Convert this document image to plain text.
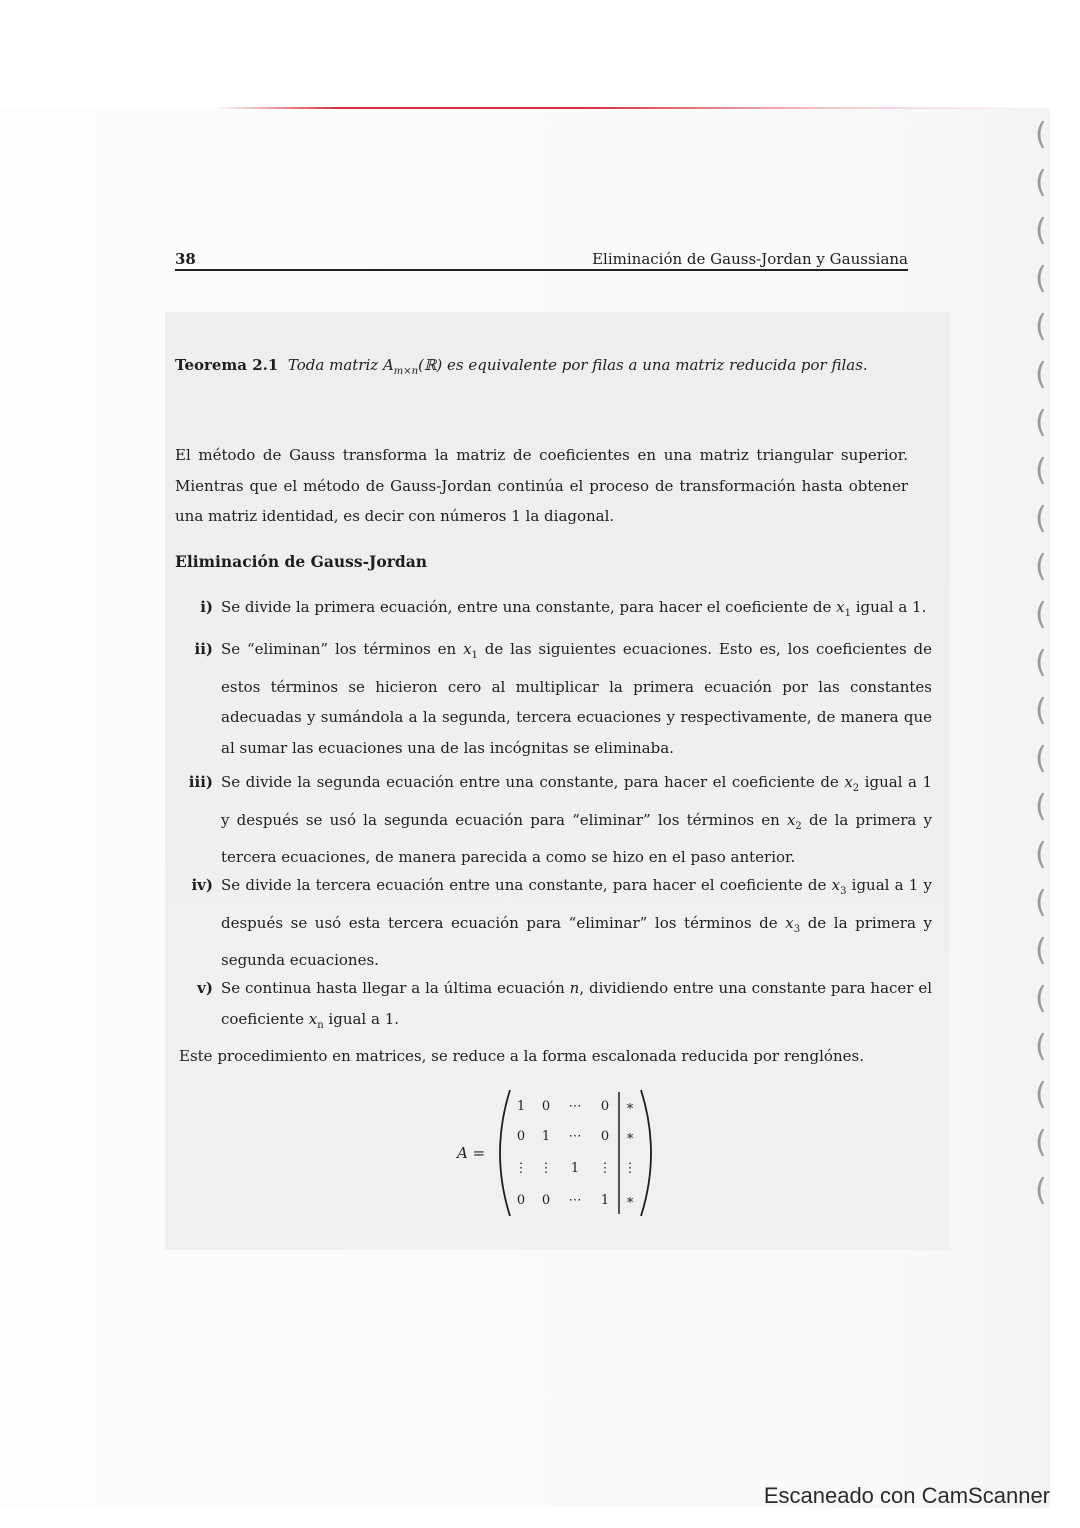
38	Eliminación de Gauss-Jordan y Gaussiana
Teorema 2.1 Toda matriz $A_{m\times n}(ℝ)$ es equivalente por filas a una matriz reducida por filas.
El método de Gauss transforma la matriz de coeficientes en una matriz triangular superior. Mientras que el método de Gauss-Jordan continúa el proceso de transformación hasta obtener una matriz identidad, es decir con números 1 la diagonal.
Eliminación de Gauss-Jordan
i) Se divide la primera ecuación, entre una constante, para hacer el coeficiente de $x_1$ igual a 1.
ii) Se “eliminan” los términos en $x_1$ de las siguientes ecuaciones. Esto es, los coeficientes de estos términos se hicieron cero al multiplicar la primera ecuación por las constantes adecuadas y sumándola a la segunda, tercera ecuaciones y respectivamente, de manera que al sumar las ecuaciones una de las incógnitas se eliminaba.
iii) Se divide la segunda ecuación entre una constante, para hacer el coeficiente de $x_2$ igual a 1 y después se usó la segunda ecuación para “eliminar” los términos en $x_2$ de la primera y tercera ecuaciones, de manera parecida a como se hizo en el paso anterior.
iv) Se divide la tercera ecuación entre una constante, para hacer el coeficiente de $x_3$ igual a 1 y después se usó esta tercera ecuación para “eliminar” los términos de $x_3$ de la primera y segunda ecuaciones.
v) Se continua hasta llegar a la última ecuación n, dividiendo entre una constante para hacer el coeficiente $x_n$ igual a 1.
Este procedimiento en matrices, se reduce a la forma escalonada reducida por renglónes.
A =
1 0 ⋯ 0 ∗
0 1 ⋯ 0 ∗
⋮ ⋮ 1 ⋮ ⋮
0 0 ⋯ 1 ∗
(
(
(
(
(
(
(
(
(
(
(
(
(
(
(
(
(
(
(
(
(
(
(
Escaneado con CamScanner
